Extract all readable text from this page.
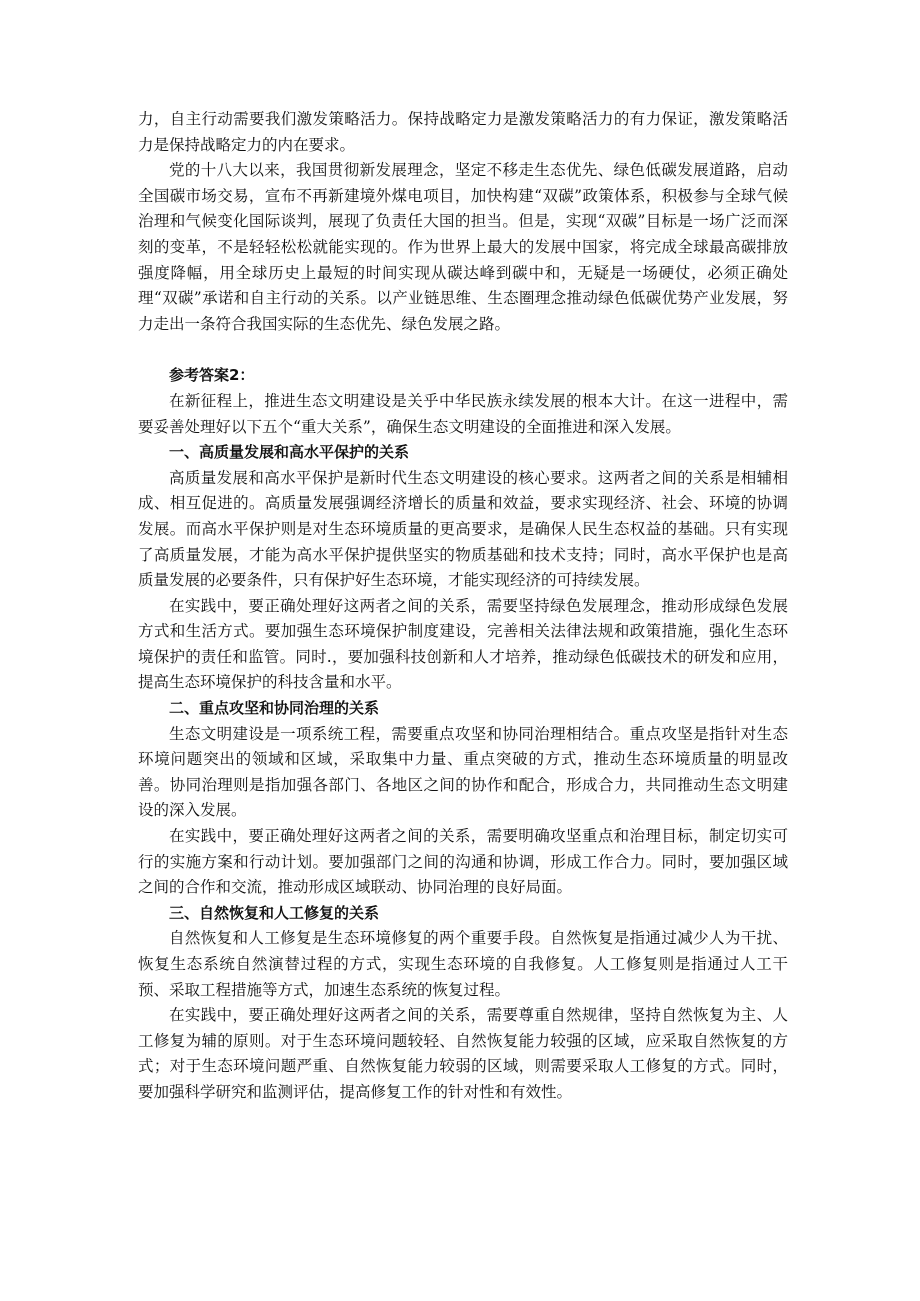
力，自主行动需要我们激发策略活力。保持战略定力是激发策略活力的有力保证，激发策略活力是保持战略定力的内在要求。

党的十八大以来，我国贯彻新发展理念，坚定不移走生态优先、绿色低碳发展道路，启动全国碳市场交易，宣布不再新建境外煤电项目，加快构建“双碳”政策体系，积极参与全球气候治理和气候变化国际谈判，展现了负责任大国的担当。但是，实现“双碳”目标是一场广泛而深刻的变革，不是轻轻松松就能实现的。作为世界上最大的发展中国家，将完成全球最高碳排放强度降幅，用全球历史上最短的时间实现从碳达峰到碳中和，无疑是一场硬仗，必须正确处理“双碳”承诺和自主行动的关系。以产业链思维、生态圈理念推动绿色低碳优势产业发展，努力走出一条符合我国实际的生态优先、绿色发展之路。

参考答案2：

在新征程上，推进生态文明建设是关乎中华民族永续发展的根本大计。在这一进程中，需要妥善处理好以下五个“重大关系”，确保生态文明建设的全面推进和深入发展。

一、高质量发展和高水平保护的关系

高质量发展和高水平保护是新时代生态文明建设的核心要求。这两者之间的关系是相辅相成、相互促进的。高质量发展强调经济增长的质量和效益，要求实现经济、社会、环境的协调发展。而高水平保护则是对生态环境质量的更高要求，是确保人民生态权益的基础。只有实现了高质量发展，才能为高水平保护提供坚实的物质基础和技术支持；同时，高水平保护也是高质量发展的必要条件，只有保护好生态环境，才能实现经济的可持续发展。

在实践中，要正确处理好这两者之间的关系，需要坚持绿色发展理念，推动形成绿色发展方式和生活方式。要加强生态环境保护制度建设，完善相关法律法规和政策措施，强化生态环境保护的责任和监管。同时.，要加强科技创新和人才培养，推动绿色低碳技术的研发和应用，提高生态环境保护的科技含量和水平。

二、重点攻坚和协同治理的关系

生态文明建设是一项系统工程，需要重点攻坚和协同治理相结合。重点攻坚是指针对生态环境问题突出的领域和区域，采取集中力量、重点突破的方式，推动生态环境质量的明显改善。协同治理则是指加强各部门、各地区之间的协作和配合，形成合力，共同推动生态文明建设的深入发展。

在实践中，要正确处理好这两者之间的关系，需要明确攻坚重点和治理目标，制定切实可行的实施方案和行动计划。要加强部门之间的沟通和协调，形成工作合力。同时，要加强区域之间的合作和交流，推动形成区域联动、协同治理的良好局面。

三、自然恢复和人工修复的关系

自然恢复和人工修复是生态环境修复的两个重要手段。自然恢复是指通过减少人为干扰、恢复生态系统自然演替过程的方式，实现生态环境的自我修复。人工修复则是指通过人工干预、采取工程措施等方式，加速生态系统的恢复过程。

在实践中，要正确处理好这两者之间的关系，需要尊重自然规律，坚持自然恢复为主、人工修复为辅的原则。对于生态环境问题较轻、自然恢复能力较强的区域，应采取自然恢复的方式；对于生态环境问题严重、自然恢复能力较弱的区域，则需要采取人工修复的方式。同时，要加强科学研究和监测评估，提高修复工作的针对性和有效性。
